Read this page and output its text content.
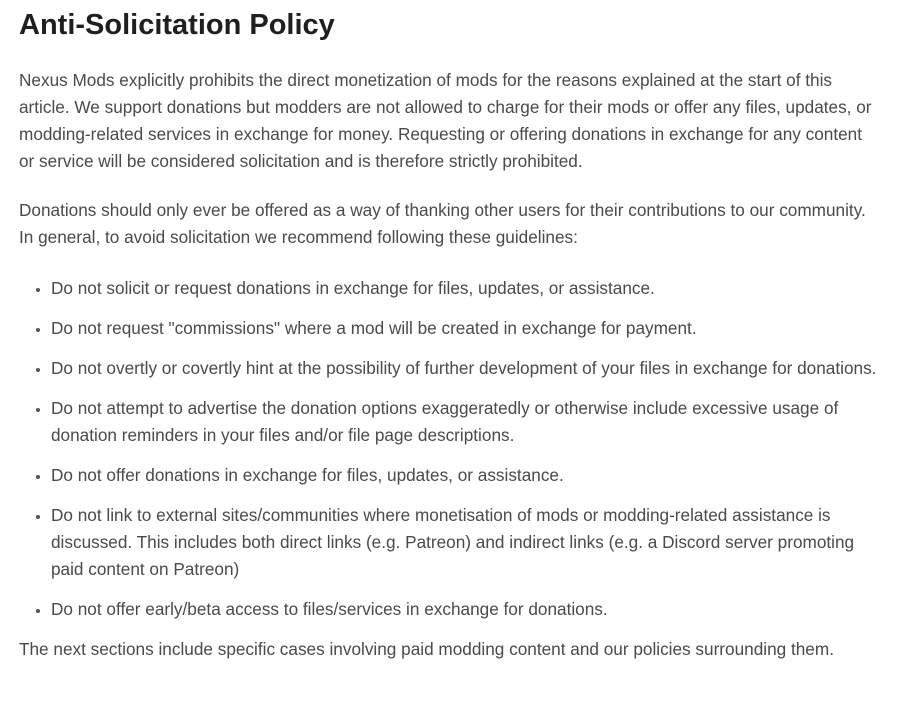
Anti-Solicitation Policy

Nexus Mods explicitly prohibits the direct monetization of mods for the reasons explained at the start of this article. We support donations but modders are not allowed to charge for their mods or offer any files, updates, or modding-related services in exchange for money. Requesting or offering donations in exchange for any content or service will be considered solicitation and is therefore strictly prohibited.

Donations should only ever be offered as a way of thanking other users for their contributions to our community. In general, to avoid solicitation we recommend following these guidelines:

• Do not solicit or request donations in exchange for files, updates, or assistance.
• Do not request "commissions" where a mod will be created in exchange for payment.
• Do not overtly or covertly hint at the possibility of further development of your files in exchange for donations.
• Do not attempt to advertise the donation options exaggeratedly or otherwise include excessive usage of donation reminders in your files and/or file page descriptions.
• Do not offer donations in exchange for files, updates, or assistance.
• Do not link to external sites/communities where monetisation of mods or modding-related assistance is discussed. This includes both direct links (e.g. Patreon) and indirect links (e.g. a Discord server promoting paid content on Patreon)
• Do not offer early/beta access to files/services in exchange for donations.

The next sections include specific cases involving paid modding content and our policies surrounding them.
